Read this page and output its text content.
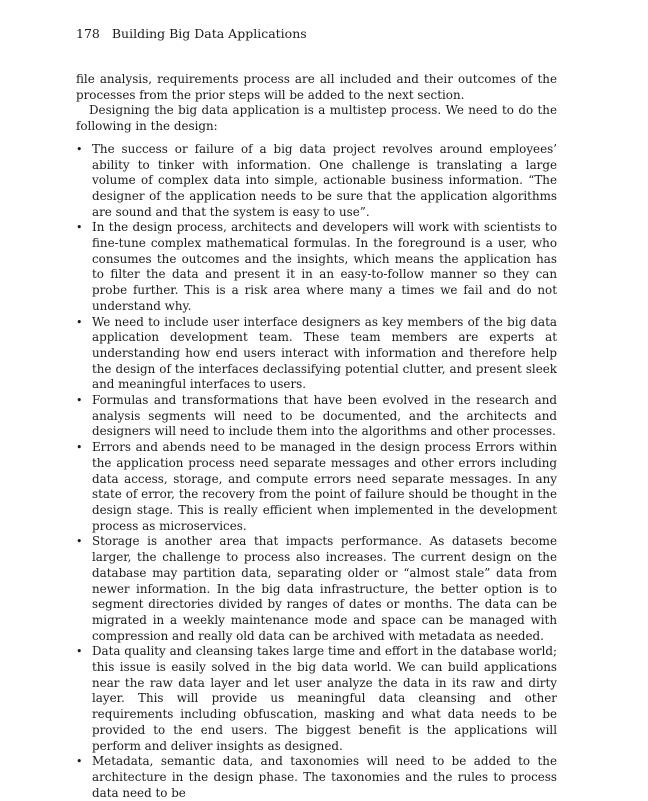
178 Building Big Data Applications

file analysis, requirements process are all included and their outcomes of the processes from the prior steps will be added to the next section.

Designing the big data application is a multistep process. We need to do the following in the design:

• The success or failure of a big data project revolves around employees’ ability to tinker with information. One challenge is translating a large volume of complex data into simple, actionable business information. “The designer of the application needs to be sure that the application algorithms are sound and that the system is easy to use”.
• In the design process, architects and developers will work with scientists to fine-tune complex mathematical formulas. In the foreground is a user, who consumes the outcomes and the insights, which means the application has to filter the data and present it in an easy-to-follow manner so they can probe further. This is a risk area where many a times we fail and do not understand why.
• We need to include user interface designers as key members of the big data application development team. These team members are experts at understanding how end users interact with information and therefore help the design of the interfaces declassifying potential clutter, and present sleek and meaningful interfaces to users.
• Formulas and transformations that have been evolved in the research and analysis segments will need to be documented, and the architects and designers will need to include them into the algorithms and other processes.
• Errors and abends need to be managed in the design process Errors within the application process need separate messages and other errors including data access, storage, and compute errors need separate messages. In any state of error, the recovery from the point of failure should be thought in the design stage. This is really efficient when implemented in the development process as microservices.
• Storage is another area that impacts performance. As datasets become larger, the challenge to process also increases. The current design on the database may partition data, separating older or “almost stale” data from newer information. In the big data infrastructure, the better option is to segment directories divided by ranges of dates or months. The data can be migrated in a weekly maintenance mode and space can be managed with compression and really old data can be archived with metadata as needed.
• Data quality and cleansing takes large time and effort in the database world; this issue is easily solved in the big data world. We can build applications near the raw data layer and let user analyze the data in its raw and dirty layer. This will provide us meaningful data cleansing and other requirements including obfuscation, masking and what data needs to be provided to the end users. The biggest benefit is the applications will perform and deliver insights as designed.
• Metadata, semantic data, and taxonomies will need to be added to the architecture in the design phase. The taxonomies and the rules to process data need to be
